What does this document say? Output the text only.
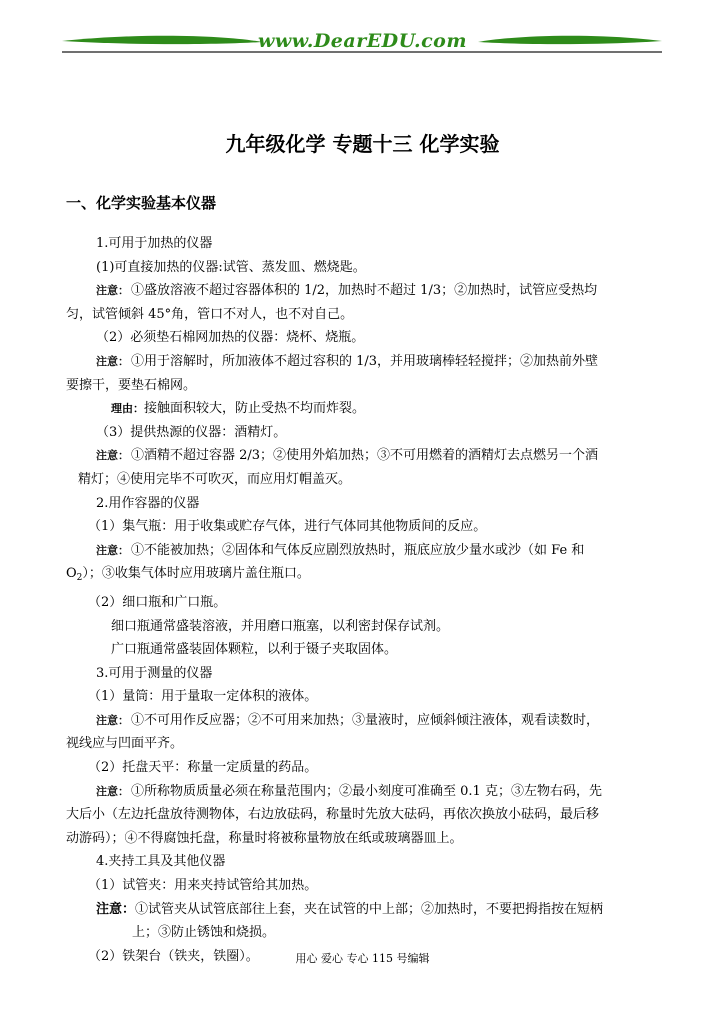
www.DearEDU.com
九年级化学 专题十三 化学实验
一、化学实验基本仪器
1.可用于加热的仪器
(1)可直接加热的仪器:试管、蒸发皿、燃烧匙。
注意： ①盛放溶液不超过容器体积的 1/2，加热时不超过 1/3；②加热时，试管应受热均
匀，试管倾斜 45°角，管口不对人，也不对自己。
（2）必须垫石棉网加热的仪器：烧杯、烧瓶。
注意： ①用于溶解时，所加液体不超过容积的 1/3，并用玻璃棒轻轻搅拌；②加热前外壁
要擦干，要垫石棉网。
理由：接触面积较大，防止受热不均而炸裂。
（3）提供热源的仪器：酒精灯。
注意： ①酒精不超过容器 2/3；②使用外焰加热；③不可用燃着的酒精灯去点燃另一个酒
精灯；④使用完毕不可吹灭，而应用灯帽盖灭。
2.用作容器的仪器
（1）集气瓶：用于收集或贮存气体，进行气体同其他物质间的反应。
注意： ①不能被加热；②固体和气体反应剧烈放热时，瓶底应放少量水或沙（如 Fe 和
$O_2$）；③收集气体时应用玻璃片盖住瓶口。
（2）细口瓶和广口瓶。
细口瓶通常盛装溶液，并用磨口瓶塞，以利密封保存试剂。
广口瓶通常盛装固体颗粒，以利于镊子夹取固体。
3.可用于测量的仪器
（1）量筒：用于量取一定体积的液体。
注意： ①不可用作反应器；②不可用来加热；③量液时，应倾斜倾注液体，观看读数时，
视线应与凹面平齐。
（2）托盘天平：称量一定质量的药品。
注意： ①所称物质质量必须在称量范围内；②最小刻度可准确至 0.1 克；③左物右码，先
大后小（左边托盘放待测物体，右边放砝码，称量时先放大砝码，再依次换放小砝码，最后移
动游码）；④不得腐蚀托盘，称量时将被称量物放在纸或玻璃器皿上。
4.夹持工具及其他仪器
（1）试管夹：用来夹持试管给其加热。
注意：①试管夹从试管底部往上套，夹在试管的中上部；②加热时，不要把拇指按在短柄
上；③防止锈蚀和烧损。
（2）铁架台（铁夹，铁圈）。	用心 爱心 专心 115 号编辑
